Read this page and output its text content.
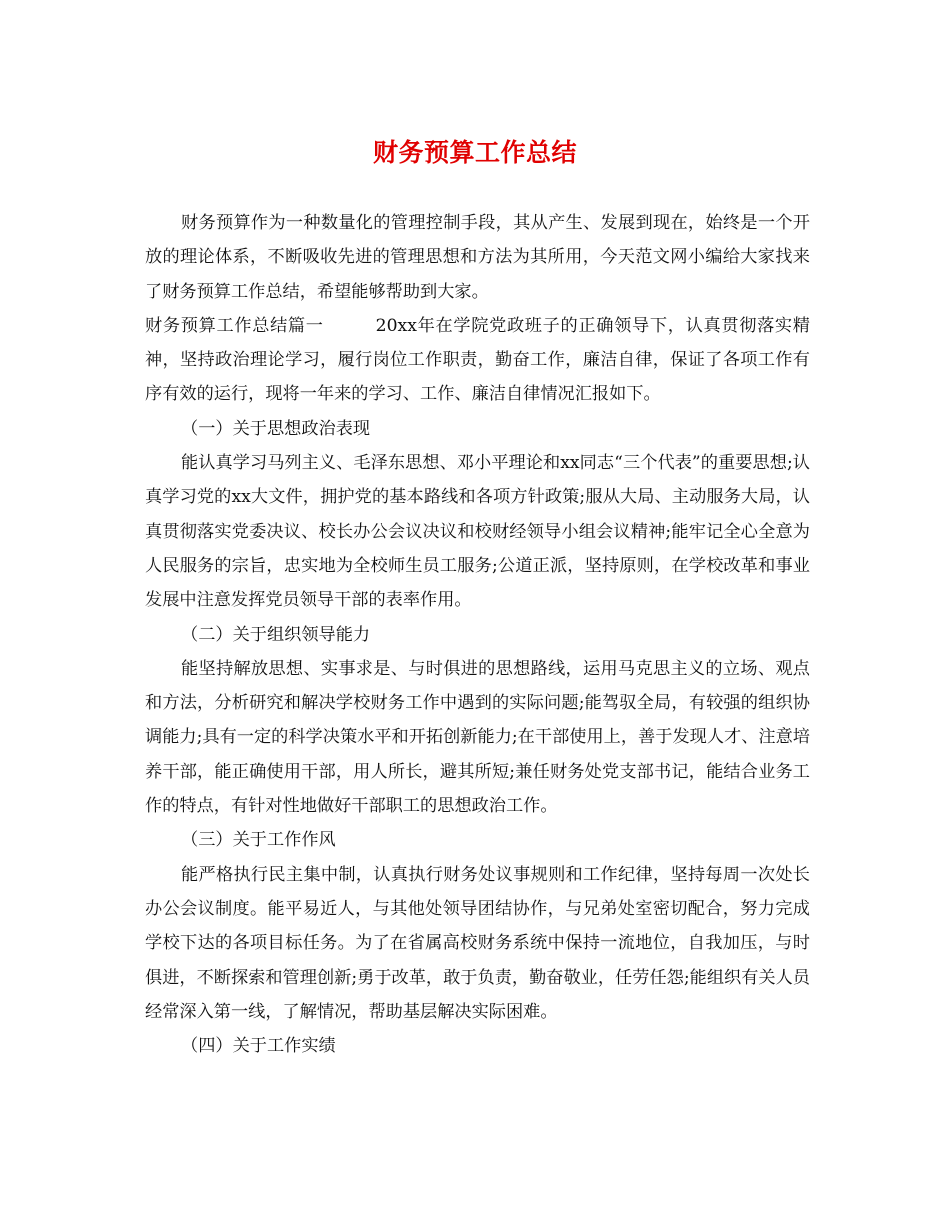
财务预算工作总结

财务预算作为一种数量化的管理控制手段，其从产生、发展到现在，始终是一个开放的理论体系，不断吸收先进的管理思想和方法为其所用，今天范文网小编给大家找来了财务预算工作总结，希望能够帮助到大家。

财务预算工作总结篇一	20xx年在学院党政班子的正确领导下，认真贯彻落实精神，坚持政治理论学习，履行岗位工作职责，勤奋工作，廉洁自律，保证了各项工作有序有效的运行，现将一年来的学习、工作、廉洁自律情况汇报如下。

（一）关于思想政治表现

能认真学习马列主义、毛泽东思想、邓小平理论和xx同志“三个代表”的重要思想;认真学习党的xx大文件，拥护党的基本路线和各项方针政策;服从大局、主动服务大局，认真贯彻落实党委决议、校长办公会议决议和校财经领导小组会议精神;能牢记全心全意为人民服务的宗旨，忠实地为全校师生员工服务;公道正派，坚持原则，在学校改革和事业发展中注意发挥党员领导干部的表率作用。

（二）关于组织领导能力

能坚持解放思想、实事求是、与时俱进的思想路线，运用马克思主义的立场、观点和方法，分析研究和解决学校财务工作中遇到的实际问题;能驾驭全局，有较强的组织协调能力;具有一定的科学决策水平和开拓创新能力;在干部使用上，善于发现人才、注意培养干部，能正确使用干部，用人所长，避其所短;兼任财务处党支部书记，能结合业务工作的特点，有针对性地做好干部职工的思想政治工作。

（三）关于工作作风

能严格执行民主集中制，认真执行财务处议事规则和工作纪律，坚持每周一次处长办公会议制度。能平易近人，与其他处领导团结协作，与兄弟处室密切配合，努力完成学校下达的各项目标任务。为了在省属高校财务系统中保持一流地位，自我加压，与时俱进，不断探索和管理创新;勇于改革，敢于负责，勤奋敬业，任劳任怨;能组织有关人员经常深入第一线，了解情况，帮助基层解决实际困难。

（四）关于工作实绩
